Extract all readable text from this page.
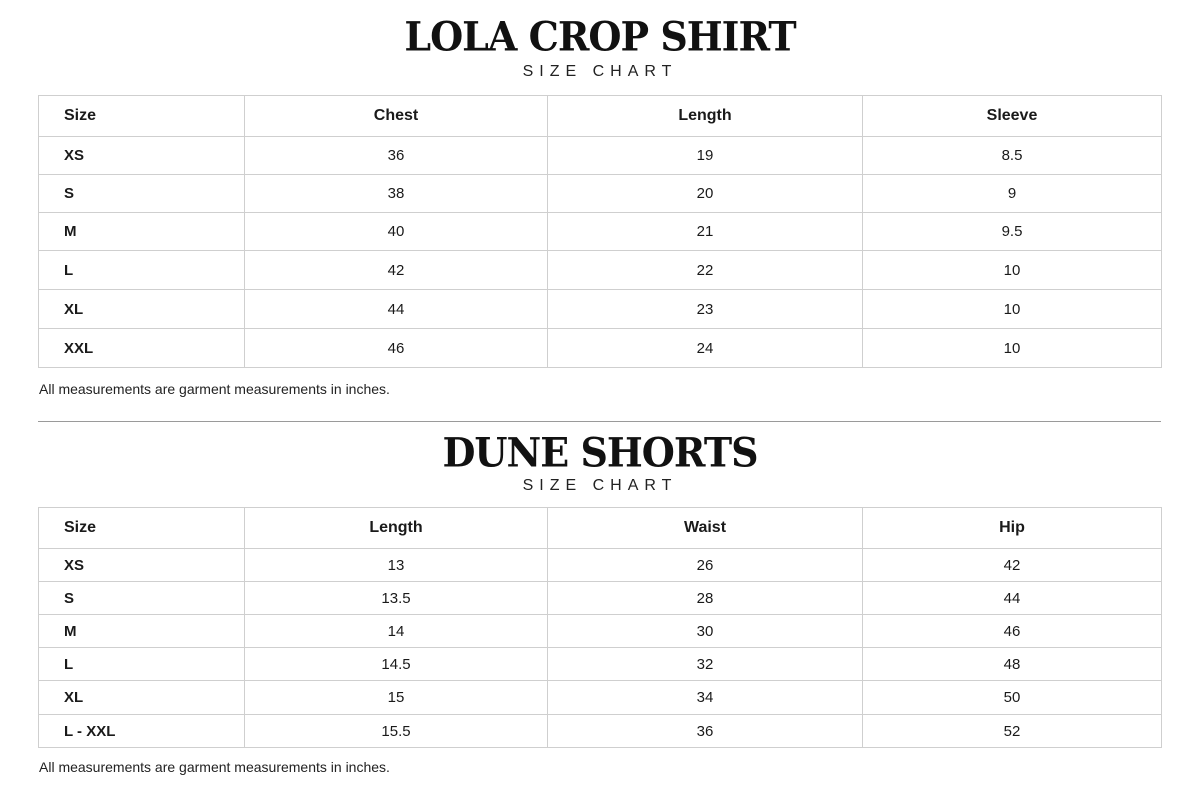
LOLA CROP SHIRT

SIZE CHART

Size	Chest	Length	Sleeve
XS	36	19	8.5
S	38	20	9
M	40	21	9.5
L	42	22	10
XL	44	23	10
XXL	46	24	10

All measurements are garment measurements in inches.

DUNE SHORTS

SIZE CHART

Size	Length	Waist	Hip
XS	13	26	42
S	13.5	28	44
M	14	30	46
L	14.5	32	48
XL	15	34	50
L - XXL	15.5	36	52

All measurements are garment measurements in inches.
